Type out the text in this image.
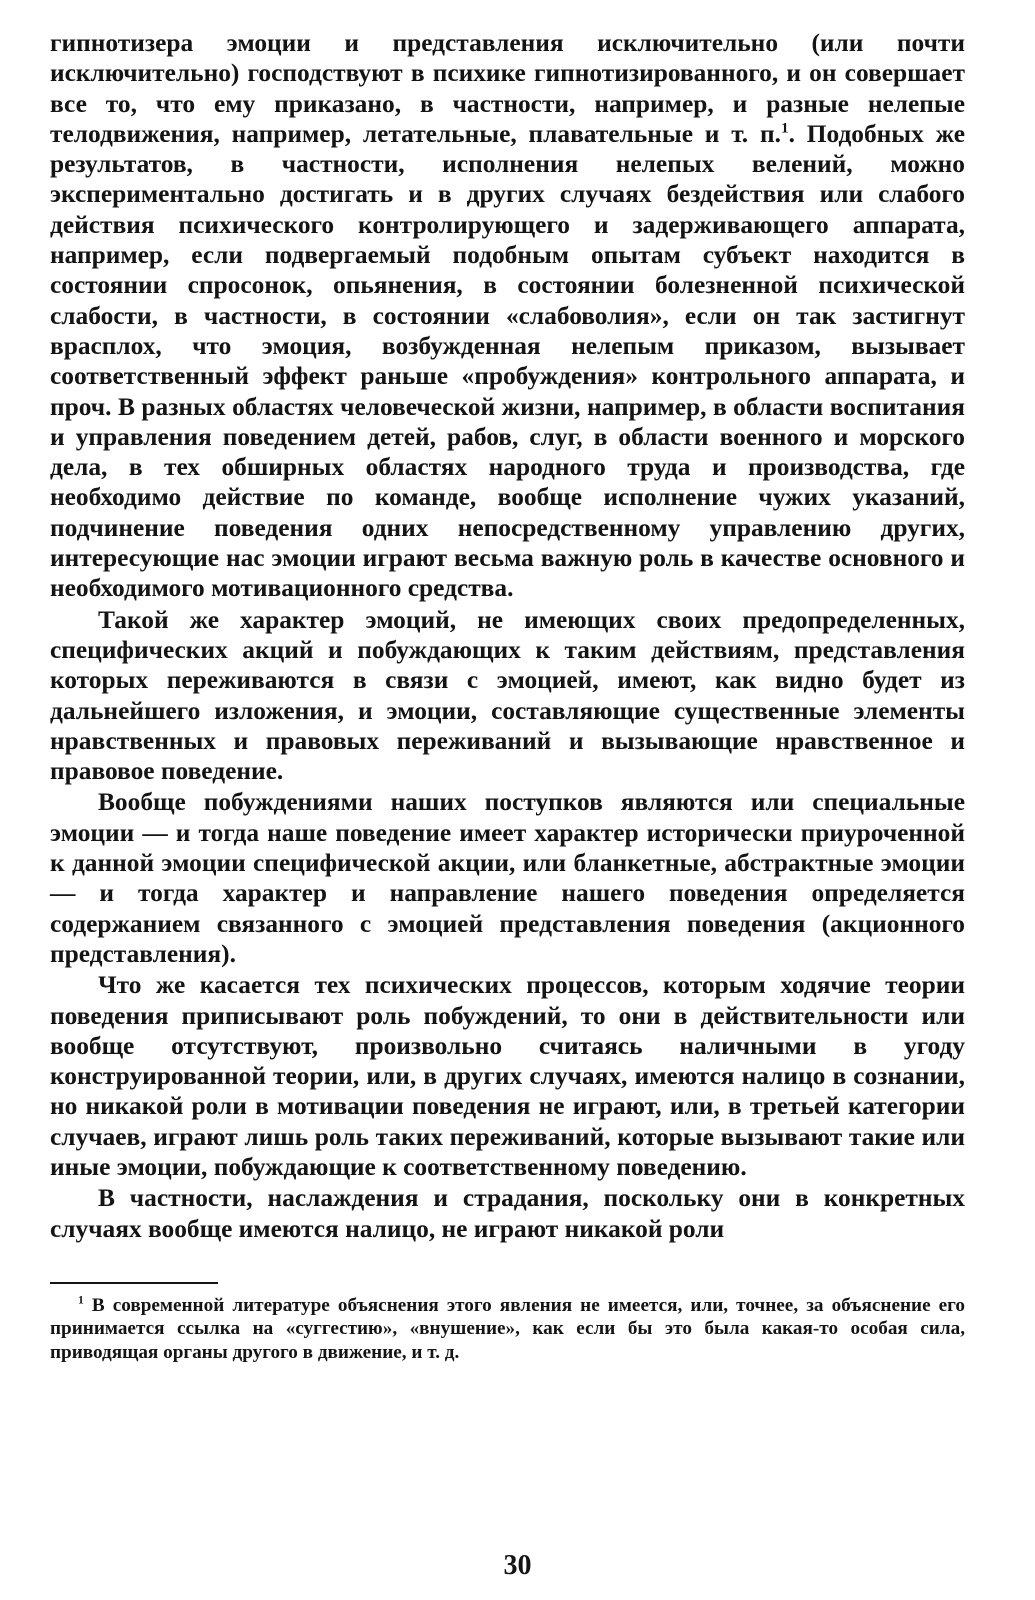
гипнотизера эмоции и представления исключительно (или почти исключительно) господствуют в психике гипнотизированного, и он совершает все то, что ему приказано, в частности, например, и разные нелепые телодвижения, например, летательные, плавательные и т. п.$^1$. Подобных же результатов, в частности, исполнения нелепых велений, можно экспериментально достигать и в других случаях бездействия или слабого действия психического контролирующего и задерживающего аппарата, например, если подвергаемый подобным опытам субъект находится в состоянии спросонок, опьянения, в состоянии болезненной психической слабости, в частности, в состоянии «слабоволия», если он так застигнут врасплох, что эмоция, возбужденная нелепым приказом, вызывает соответственный эффект раньше «пробуждения» контрольного аппарата, и проч. В разных областях человеческой жизни, например, в области воспитания и управления поведением детей, рабов, слуг, в области военного и морского дела, в тех обширных областях народного труда и производства, где необходимо действие по команде, вообще исполнение чужих указаний, подчинение поведения одних непосредственному управлению других, интересующие нас эмоции играют весьма важную роль в качестве основного и необходимого мотивационного средства.

Такой же характер эмоций, не имеющих своих предопределенных, специфических акций и побуждающих к таким действиям, представления которых переживаются в связи с эмоцией, имеют, как видно будет из дальнейшего изложения, и эмоции, составляющие существенные элементы нравственных и правовых переживаний и вызывающие нравственное и правовое поведение.

Вообще побуждениями наших поступков являются или специальные эмоции — и тогда наше поведение имеет характер исторически приуроченной к данной эмоции специфической акции, или бланкетные, абстрактные эмоции — и тогда характер и направление нашего поведения определяется содержанием связанного с эмоцией представления поведения (акционного представления).

Что же касается тех психических процессов, которым ходячие теории поведения приписывают роль побуждений, то они в действительности или вообще отсутствуют, произвольно считаясь наличными в угоду конструированной теории, или, в других случаях, имеются налицо в сознании, но никакой роли в мотивации поведения не играют, или, в третьей категории случаев, играют лишь роль таких переживаний, которые вызывают такие или иные эмоции, побуждающие к соответственному поведению.

В частности, наслаждения и страдания, поскольку они в конкретных случаях вообще имеются налицо, не играют никакой роли

$^1$ В современной литературе объяснения этого явления не имеется, или, точнее, за объяснение его принимается ссылка на «суггестию», «внушение», как если бы это была какая-то особая сила, приводящая органы другого в движение, и т. д.

30
